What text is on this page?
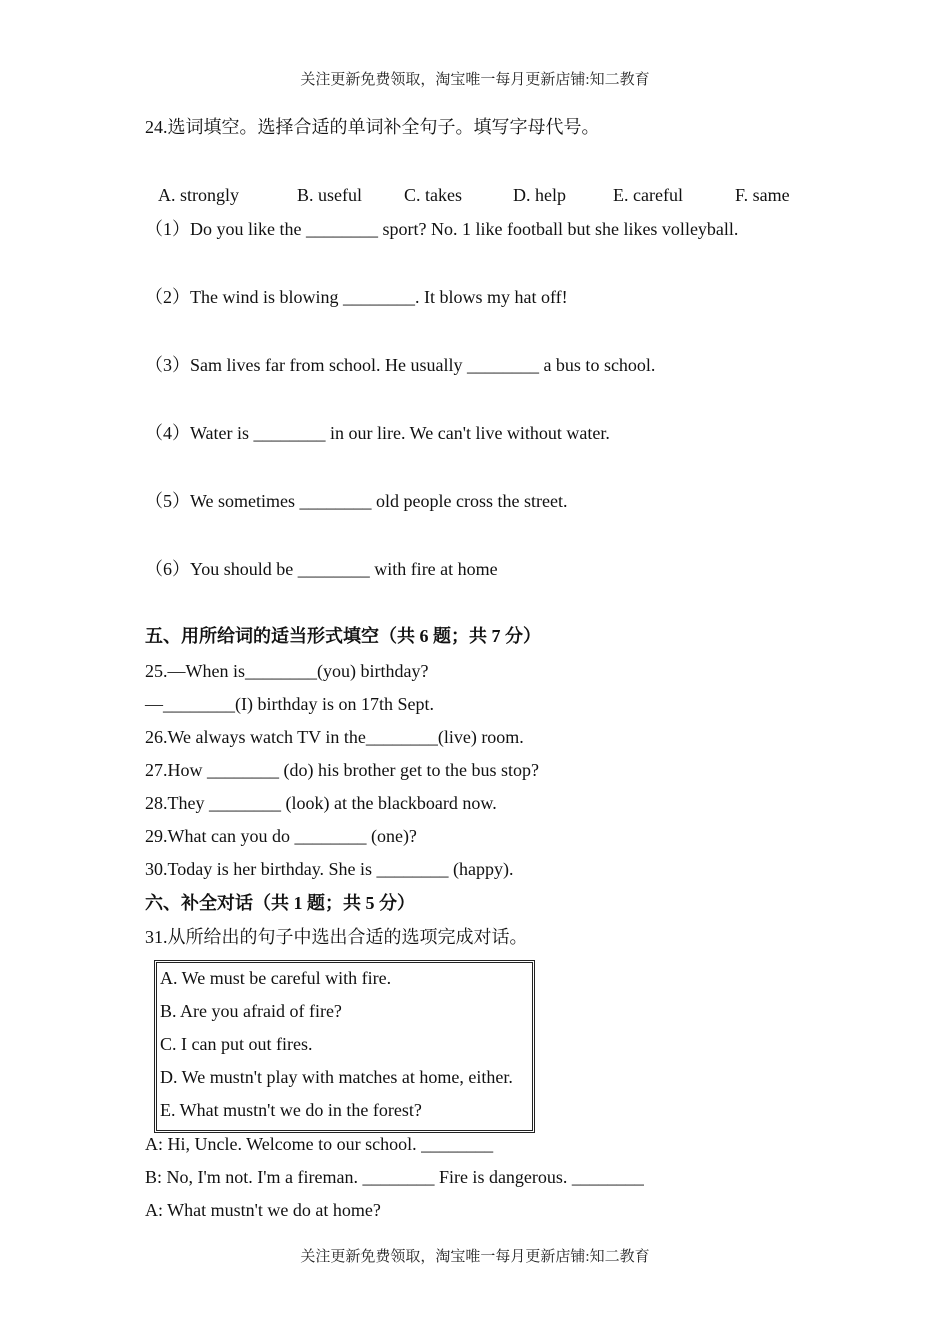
关注更新免费领取，淘宝唯一每月更新店铺:知二教育
24.选词填空。选择合适的单词补全句子。填写字母代号。
A. strongly	B. useful C. takes	D. help	E. careful	F. same
（1）Do you like the ________ sport? No. 1 like football but she likes volleyball.
（2）The wind is blowing ________. It blows my hat off!
（3）Sam lives far from school. He usually ________ a bus to school.
（4）Water is ________ in our lire. We can't live without water.
（5）We sometimes ________ old people cross the street.
（6）You should be ________ with fire at home
五、用所给词的适当形式填空（共 6 题；共 7 分）
25.—When is________(you) birthday?
—________(I) birthday is on 17th Sept.
26.We always watch TV in the________(live) room.
27.How ________ (do) his brother get to the bus stop?
28.They ________ (look) at the blackboard now.
29.What can you do ________ (one)?
30.Today is her birthday. She is ________ (happy).
六、补全对话（共 1 题；共 5 分）
31.从所给出的句子中选出合适的选项完成对话。
A. We must be careful with fire.
B. Are you afraid of fire?
C. I can put out fires.
D. We mustn't play with matches at home, either.
E. What mustn't we do in the forest?
A: Hi, Uncle. Welcome to our school. ________
B: No, I'm not. I'm a fireman. ________ Fire is dangerous. ________
A: What mustn't we do at home?
关注更新免费领取，淘宝唯一每月更新店铺:知二教育
